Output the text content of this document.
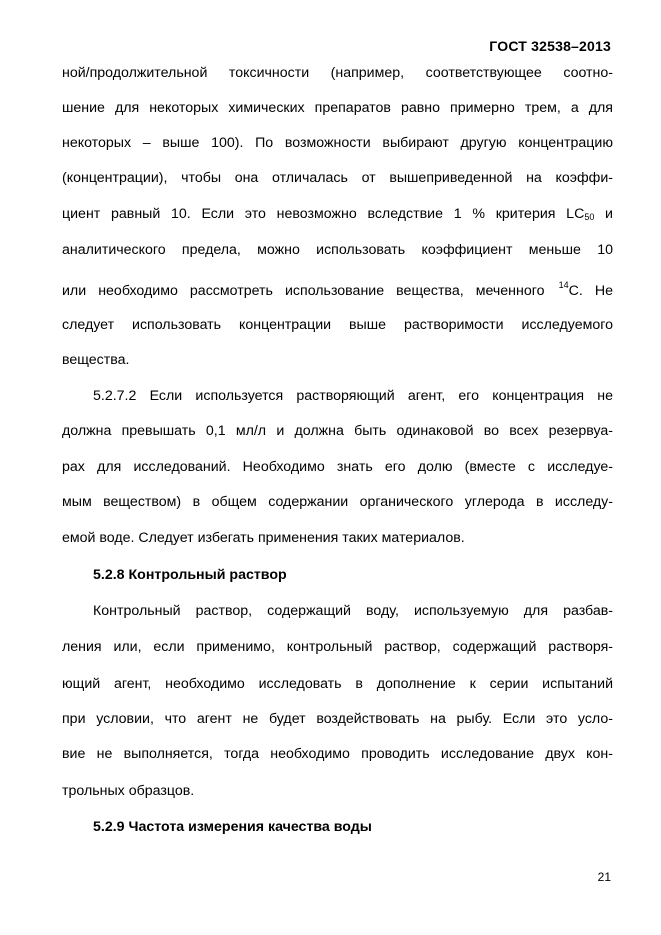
ГОСТ 32538–2013
ной/продолжительной токсичности (например, соответствующее соотно-
шение для некоторых химических препаратов равно примерно трем, а для
некоторых – выше 100). По возможности выбирают другую концентрацию
(концентрации), чтобы она отличалась от вышеприведенной на коэффи-
циент равный 10. Если это невозможно вследствие 1 % критерия $LC_{50}$ и
аналитического предела, можно использовать коэффициент меньше 10
или необходимо рассмотреть использование вещества, меченного $^{14}$С. Не
следует использовать концентрации выше растворимости исследуемого
вещества.
5.2.7.2 Если используется растворяющий агент, его концентрация не
должна превышать 0,1 мл/л и должна быть одинаковой во всех резервуа-
рах для исследований. Необходимо знать его долю (вместе с исследуе-
мым веществом) в общем содержании органического углерода в исследу-
емой воде. Следует избегать применения таких материалов.
5.2.8 Контрольный раствор
Контрольный раствор, содержащий воду, используемую для разбав-
ления или, если применимо, контрольный раствор, содержащий растворя-
ющий агент, необходимо исследовать в дополнение к серии испытаний
при условии, что агент не будет воздействовать на рыбу. Если это усло-
вие не выполняется, тогда необходимо проводить исследование двух кон-
трольных образцов.
5.2.9 Частота измерения качества воды
21
